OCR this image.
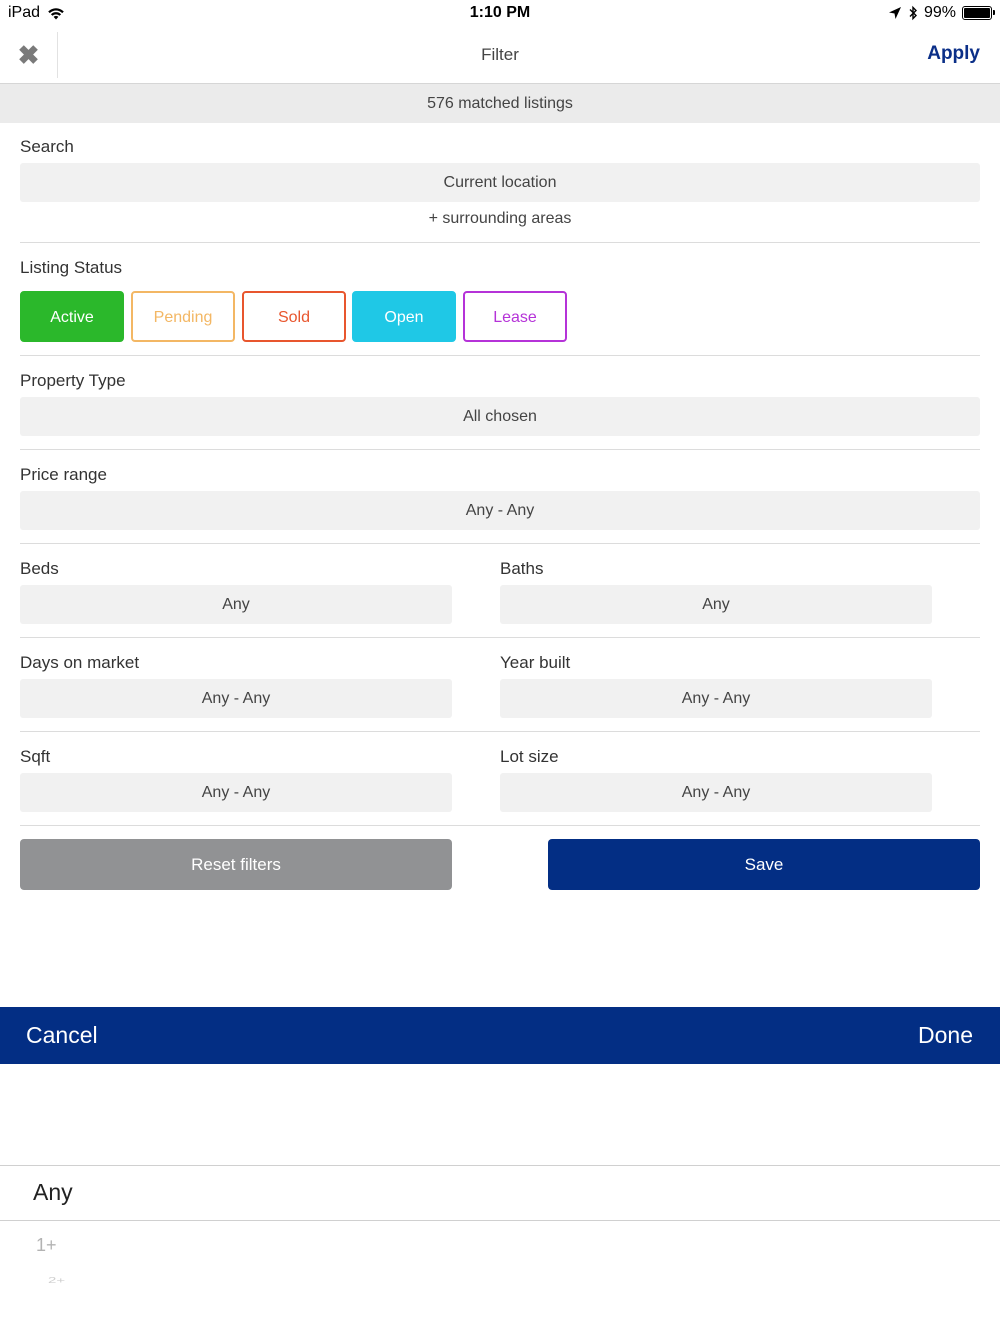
iPad	1:10 PM	99%
✖	Filter	Apply
576 matched listings
Search
Current location
+ surrounding areas
Listing Status
Active	Pending	Sold	Open	Lease
Property Type
All chosen
Price range
Any - Any
Beds
Any
Baths
Any
Days on market
Any - Any
Year built
Any - Any
Sqft
Any - Any
Lot size
Any - Any
Reset filters	Save
Cancel	Done
Any
1+
2+
